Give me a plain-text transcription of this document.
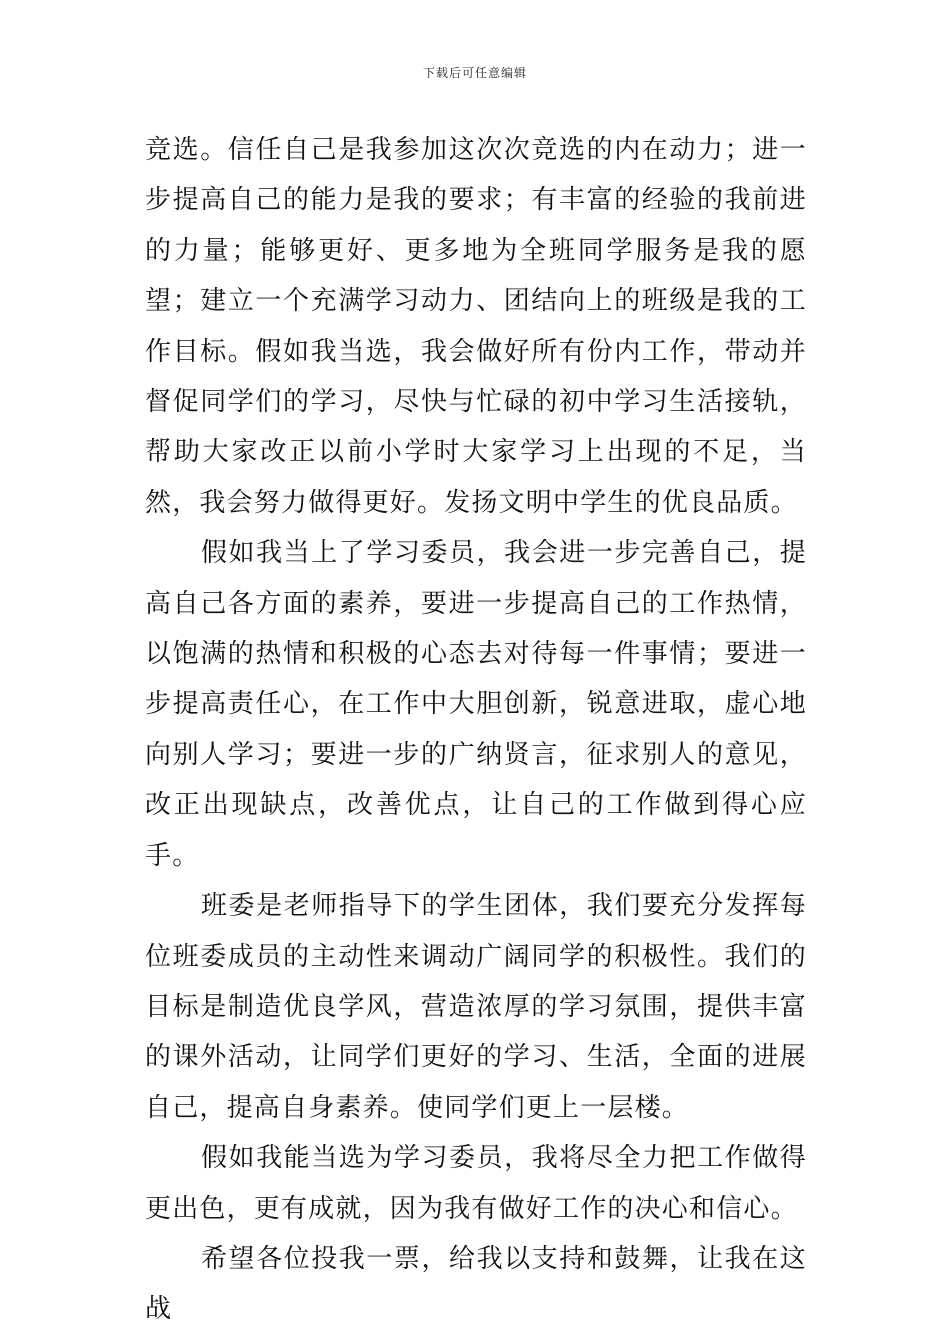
下载后可任意编辑

竞选。信任自己是我参加这次次竞选的内在动力；进一步提高自己的能力是我的要求；有丰富的经验的我前进的力量；能够更好、更多地为全班同学服务是我的愿望；建立一个充满学习动力、团结向上的班级是我的工作目标。假如我当选，我会做好所有份内工作，带动并督促同学们的学习，尽快与忙碌的初中学习生活接轨，帮助大家改正以前小学时大家学习上出现的不足，当然，我会努力做得更好。发扬文明中学生的优良品质。

假如我当上了学习委员，我会进一步完善自己，提高自己各方面的素养，要进一步提高自己的工作热情，以饱满的热情和积极的心态去对待每一件事情；要进一步提高责任心，在工作中大胆创新，锐意进取，虚心地向别人学习；要进一步的广纳贤言，征求别人的意见，改正出现缺点，改善优点，让自己的工作做到得心应手。

班委是老师指导下的学生团体，我们要充分发挥每位班委成员的主动性来调动广阔同学的积极性。我们的目标是制造优良学风，营造浓厚的学习氛围，提供丰富的课外活动，让同学们更好的学习、生活，全面的进展自己，提高自身素养。使同学们更上一层楼。

假如我能当选为学习委员，我将尽全力把工作做得更出色，更有成就，因为我有做好工作的决心和信心。

希望各位投我一票，给我以支持和鼓舞，让我在这战
